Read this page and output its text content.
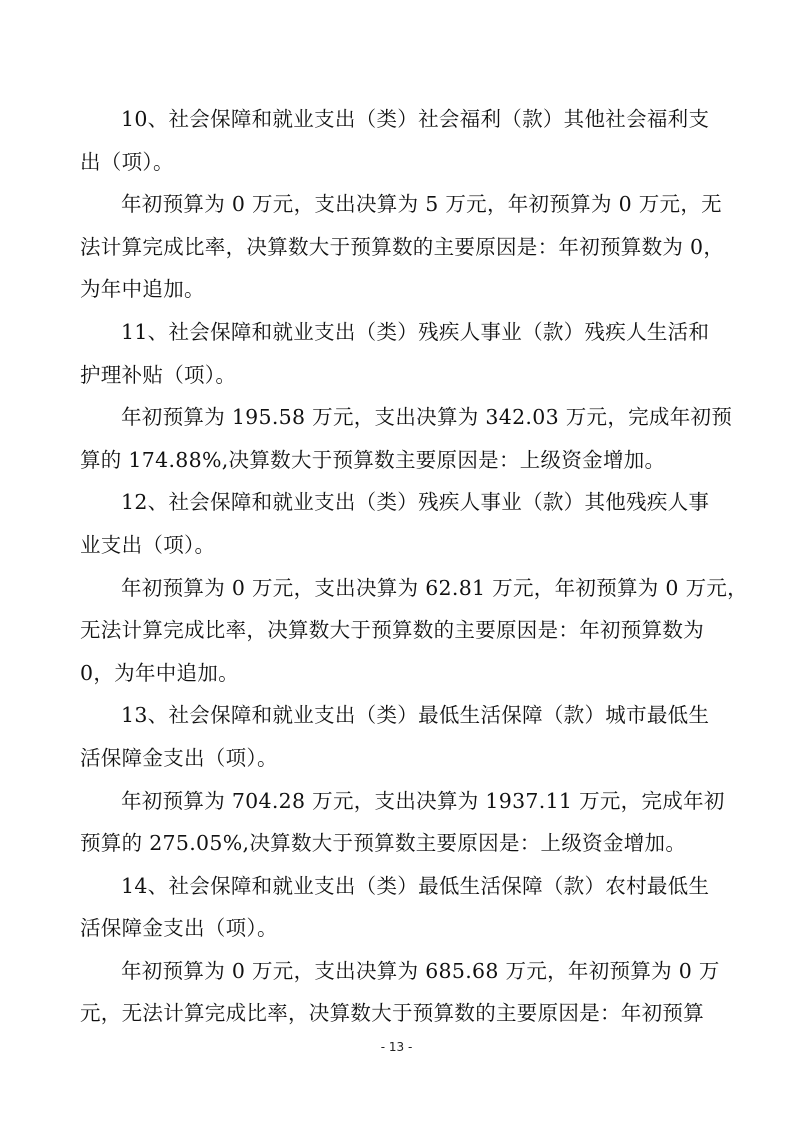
10、社会保障和就业支出（类）社会福利（款）其他社会福利支
出（项）。
年初预算为 0 万元，支出决算为 5 万元，年初预算为 0 万元，无
法计算完成比率，决算数大于预算数的主要原因是：年初预算数为 0，
为年中追加。
11、社会保障和就业支出（类）残疾人事业（款）残疾人生活和
护理补贴（项）。
年初预算为 195.58 万元，支出决算为 342.03 万元，完成年初预
算的 174.88%,决算数大于预算数主要原因是：上级资金增加。
12、社会保障和就业支出（类）残疾人事业（款）其他残疾人事
业支出（项）。
年初预算为 0 万元，支出决算为 62.81 万元，年初预算为 0 万元，
无法计算完成比率，决算数大于预算数的主要原因是：年初预算数为
0，为年中追加。
13、社会保障和就业支出（类）最低生活保障（款）城市最低生
活保障金支出（项）。
年初预算为 704.28 万元，支出决算为 1937.11 万元，完成年初
预算的 275.05%,决算数大于预算数主要原因是：上级资金增加。
14、社会保障和就业支出（类）最低生活保障（款）农村最低生
活保障金支出（项）。
年初预算为 0 万元，支出决算为 685.68 万元，年初预算为 0 万
元，无法计算完成比率，决算数大于预算数的主要原因是：年初预算
- 13 -
